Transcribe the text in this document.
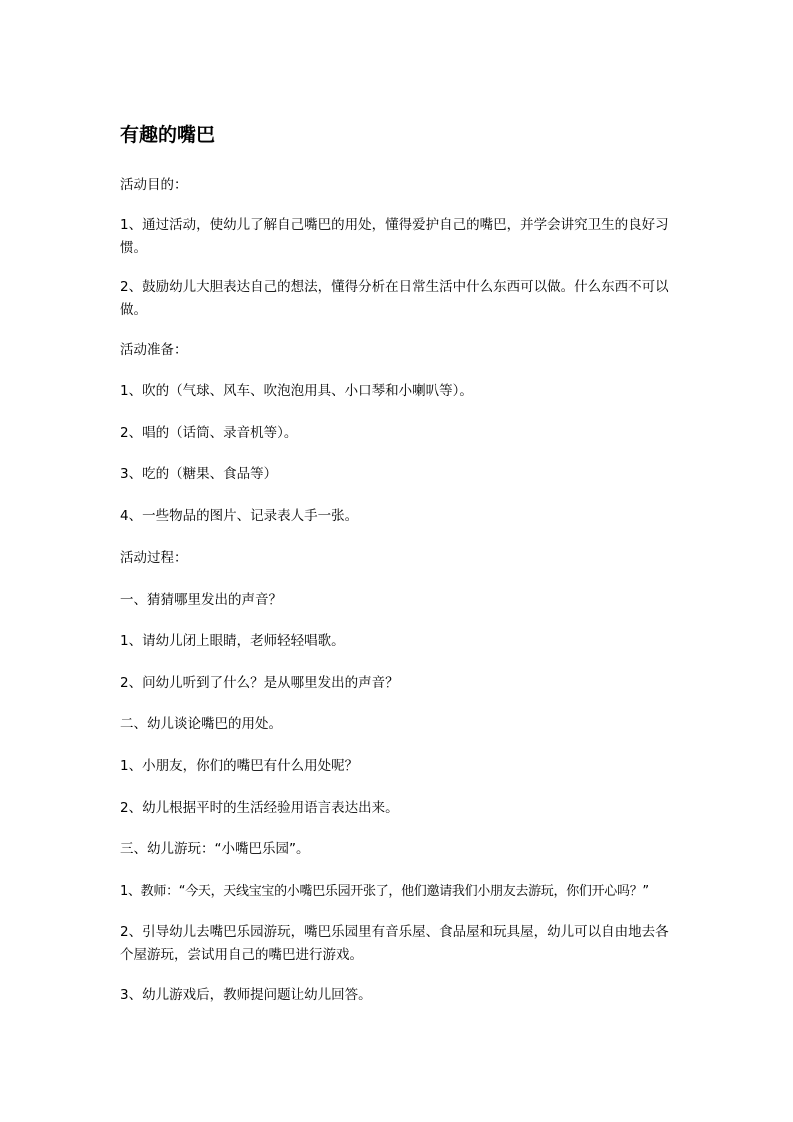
有趣的嘴巴

活动目的：

1、通过活动，使幼儿了解自己嘴巴的用处，懂得爱护自己的嘴巴，并学会讲究卫生的良好习惯。

2、鼓励幼儿大胆表达自己的想法，懂得分析在日常生活中什么东西可以做。什么东西不可以做。

活动准备：

1、吹的（气球、风车、吹泡泡用具、小口琴和小喇叭等）。

2、唱的（话筒、录音机等）。

3、吃的（糖果、食品等）

4、一些物品的图片、记录表人手一张。

活动过程：

一、猜猜哪里发出的声音？

1、请幼儿闭上眼睛，老师轻轻唱歌。

2、问幼儿听到了什么？是从哪里发出的声音？

二、幼儿谈论嘴巴的用处。

1、小朋友，你们的嘴巴有什么用处呢？

2、幼儿根据平时的生活经验用语言表达出来。

三、幼儿游玩：“小嘴巴乐园”。

1、教师：“今天，天线宝宝的小嘴巴乐园开张了，他们邀请我们小朋友去游玩，你们开心吗？”

2、引导幼儿去嘴巴乐园游玩，嘴巴乐园里有音乐屋、食品屋和玩具屋，幼儿可以自由地去各个屋游玩，尝试用自己的嘴巴进行游戏。

3、幼儿游戏后，教师提问题让幼儿回答。
